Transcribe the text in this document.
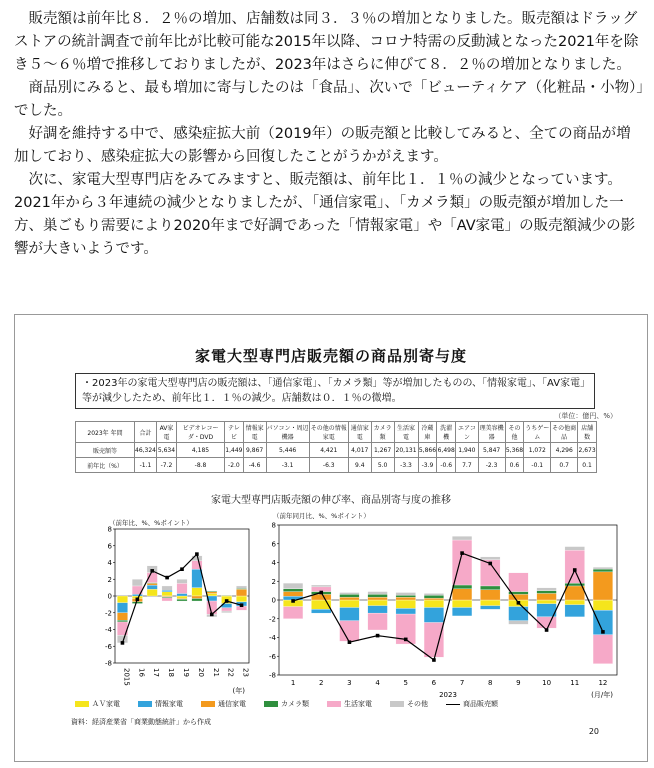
販売額は前年比８．２％の増加、店舗数は同３．３％の増加となりました。販売額はドラッグストアの統計調査で前年比が比較可能な2015年以降、コロナ特需の反動減となった2021年を除き５～６％増で推移しておりましたが、2023年はさらに伸びて８．２％の増加となりました。

商品別にみると、最も増加に寄与したのは「食品」、次いで「ビューティケア（化粧品・小物）」でした。

好調を維持する中で、感染症拡大前（2019年）の販売額と比較してみると、全ての商品が増加しており、感染症拡大の影響から回復したことがうかがえます。

次に、家電大型専門店をみてみますと、販売額は、前年比１．１％の減少となっています。2021年から３年連続の減少となりましたが、「通信家電」、「カメラ類」の販売額が増加した一方、巣ごもり需要により2020年まで好調であった「情報家電」や「AV家電」の販売額減少の影響が大きいようです。

家電大型専門店販売額の商品別寄与度
・2023年の家電大型専門店の販売額は、「通信家電」、「カメラ類」等が増加したものの、「情報家電」、「AV家電」等が減少したため、前年比１．１％の減少。店舗数は０．１％の微増。
（単位：億円、%）
2023年 年間	合計	AV家電	ビデオレコーダ・DVD	テレビ	情報家電	パソコン・周辺機器	その他の情報家電	通信家電	カメラ類	生活家電	冷蔵庫	洗濯機	エアコン	理美容機器	その他	うちゲーム	その他商品	店舗数
販売額等	46,324	5,634	4,185	1,449	9,867	5,446	4,421	4,017	1,267	20,131	5,866	6,498	1,940	5,847	5,368	1,072	4,296	2,673
前年比（%）	-1.1	-7.2	-8.8	-2.0	-4.6	-3.1	-6.3	9.4	5.0	-3.3	-3.9	-0.6	7.7	-2.3	0.6	-0.1	0.7	0.1
家電大型専門店販売額の伸び率、商品別寄与度の推移
（前年比、%、%ポイント）
（前年同月比、%、%ポイント）
-8
-6
-4
-2
0
2
4
6
8
2015 16 17 18 19 20 21 22 23
(年)
-8
-6
-4
-2
0
2
4
6
8
1	2	3	4	5	6	7	8	9	10	11	12
(月/年)
2023
ＡＶ家電	情報家電	通信家電	カメラ類	生活家電	その他	商品販売額
資料：経済産業省「商業動態統計」から作成
20
